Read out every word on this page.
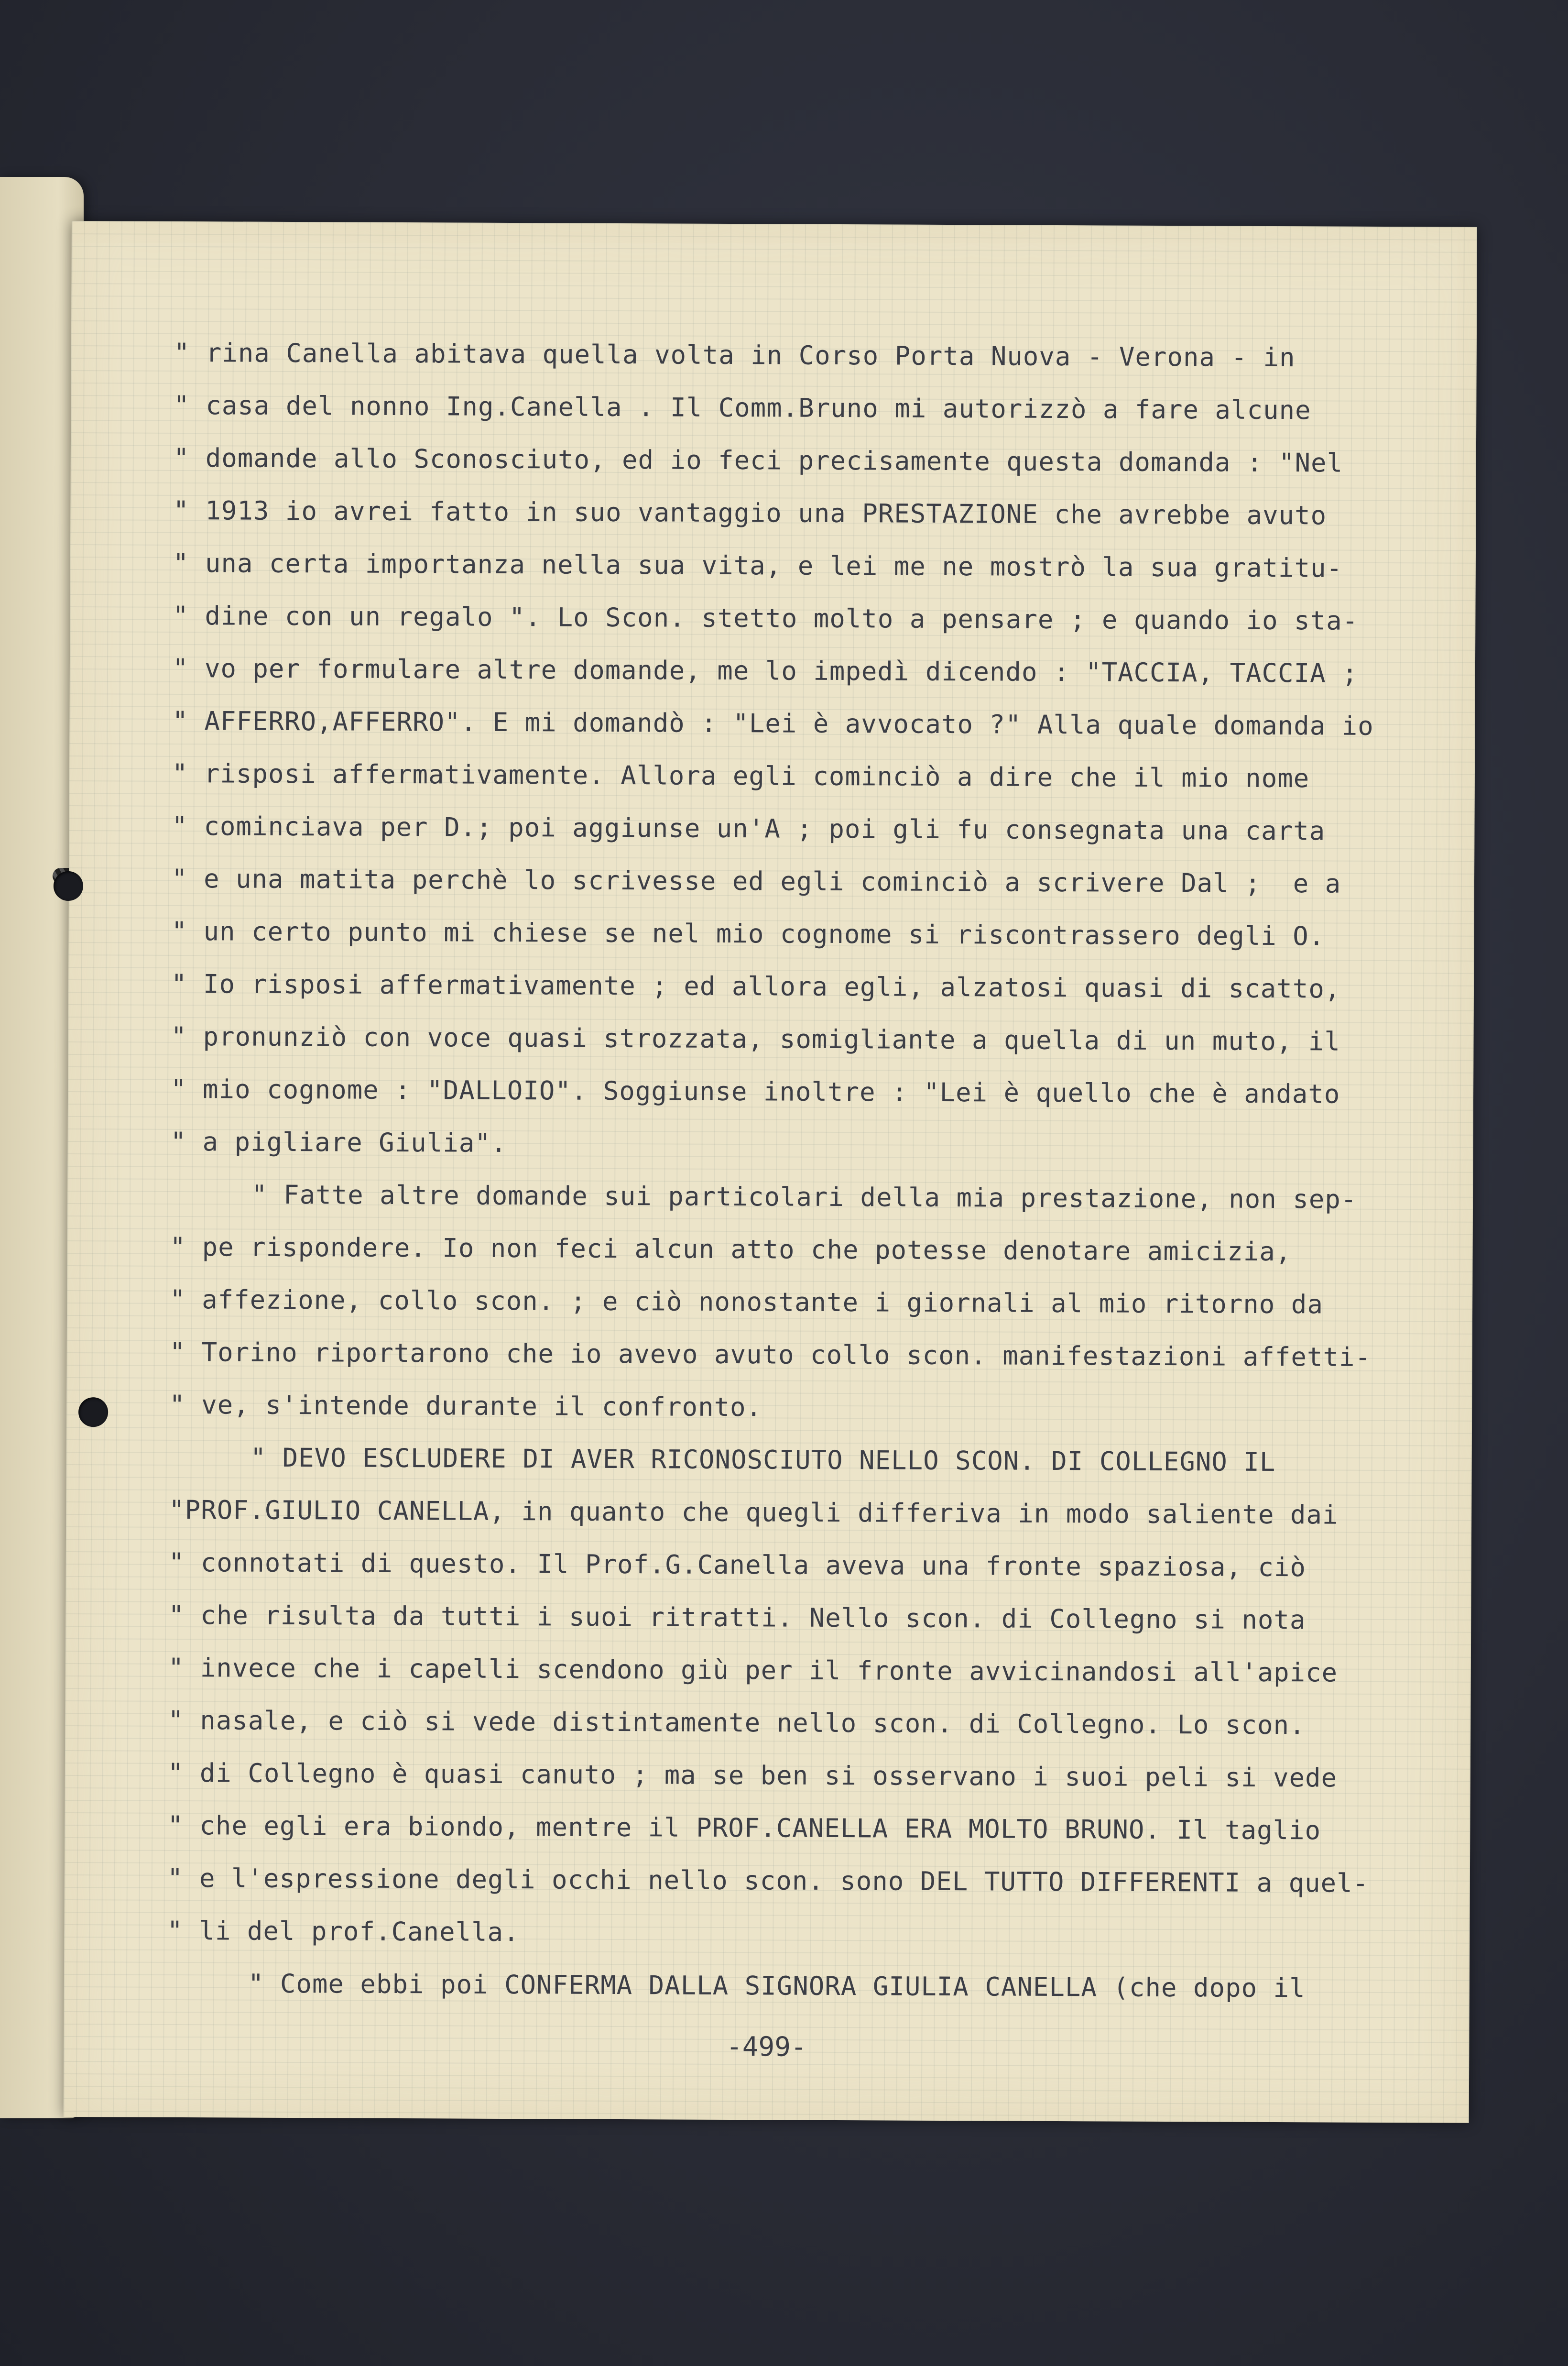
" rina Canella abitava quella volta in Corso Porta Nuova - Verona - in
" casa del nonno Ing.Canella . Il Comm.Bruno mi autorizzò a fare alcune
" domande allo Sconosciuto, ed io feci precisamente questa domanda : "Nel
" 1913 io avrei fatto in suo vantaggio una PRESTAZIONE che avrebbe avuto
" una certa importanza nella sua vita, e lei me ne mostrò la sua gratitu-
" dine con un regalo ". Lo Scon. stetto molto a pensare ; e quando io sta-
" vo per formulare altre domande, me lo impedì dicendo : "TACCIA, TACCIA ;
" AFFERRO,AFFERRO". E mi domandò : "Lei è avvocato ?" Alla quale domanda io
" risposi affermativamente. Allora egli cominciò a dire che il mio nome
" cominciava per D.; poi aggiunse un'A ; poi gli fu consegnata una carta
" e una matita perchè lo scrivesse ed egli cominciò a scrivere Dal ;  e a
" un certo punto mi chiese se nel mio cognome si riscontrassero degli O.
" Io risposi affermativamente ; ed allora egli, alzatosi quasi di scatto,
" pronunziò con voce quasi strozzata, somigliante a quella di un muto, il
" mio cognome : "DALLOIO". Soggiunse inoltre : "Lei è quello che è andato
" a pigliare Giulia".
" Fatte altre domande sui particolari della mia prestazione, non sep-
" pe rispondere. Io non feci alcun atto che potesse denotare amicizia,
" affezione, collo scon. ; e ciò nonostante i giornali al mio ritorno da
" Torino riportarono che io avevo avuto collo scon. manifestazioni affetti-
" ve, s'intende durante il confronto.
" DEVO ESCLUDERE DI AVER RICONOSCIUTO NELLO SCON. DI COLLEGNO IL
"PROF.GIULIO CANELLA, in quanto che quegli differiva in modo saliente dai
" connotati di questo. Il Prof.G.Canella aveva una fronte spaziosa, ciò
" che risulta da tutti i suoi ritratti. Nello scon. di Collegno si nota
" invece che i capelli scendono giù per il fronte avvicinandosi all'apice
" nasale, e ciò si vede distintamente nello scon. di Collegno. Lo scon.
" di Collegno è quasi canuto ; ma se ben si osservano i suoi peli si vede
" che egli era biondo, mentre il PROF.CANELLA ERA MOLTO BRUNO. Il taglio
" e l'espressione degli occhi nello scon. sono DEL TUTTO DIFFERENTI a quel-
" li del prof.Canella.
" Come ebbi poi CONFERMA DALLA SIGNORA GIULIA CANELLA (che dopo il
-499-
